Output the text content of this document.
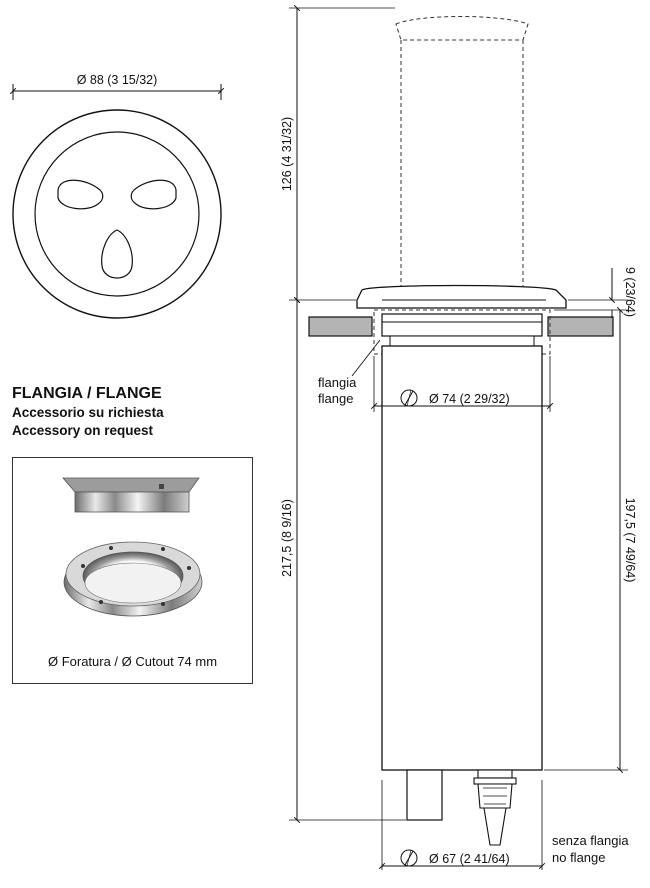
Ø 88 (3 15/32)
126 (4 31/32)
217,5 (8 9/16)
9 (23/64)
197,5 (7 49/64)
flangia
flange	Ø 74 (2 29/32)
Ø 67 (2 41/64)
senza flangia
no flange

FLANGIA / FLANGE

Accessorio su richiesta

Accessory on request

Ø Foratura / Ø Cutout 74 mm
